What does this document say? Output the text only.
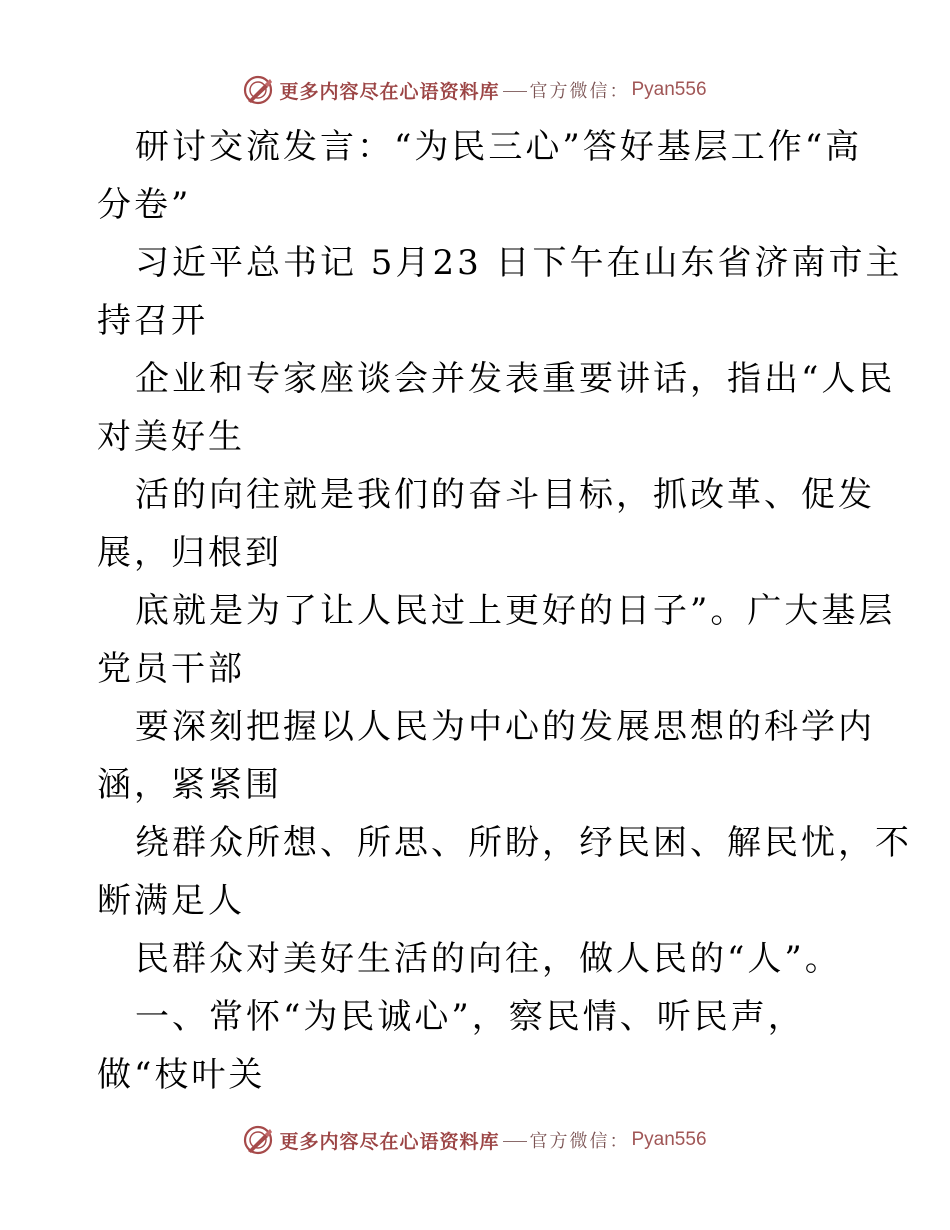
更多内容尽在心语资料库 官方微信： Pyan556
研讨交流发言：“为民三心”答好基层工作“高
分卷”
习近平总书记 5月23 日下午在山东省济南市主
持召开
企业和专家座谈会并发表重要讲话，指出“人民
对美好生
活的向往就是我们的奋斗目标，抓改革、促发
展，归根到
底就是为了让人民过上更好的日子”。广大基层
党员干部
要深刻把握以人民为中心的发展思想的科学内
涵，紧紧围
绕群众所想、所思、所盼，纾民困、解民忧，不
断满足人
民群众对美好生活的向往，做人民的“人”。
一、常怀“为民诚心”，察民情、听民声，
做“枝叶关
更多内容尽在心语资料库 官方微信： Pyan556
